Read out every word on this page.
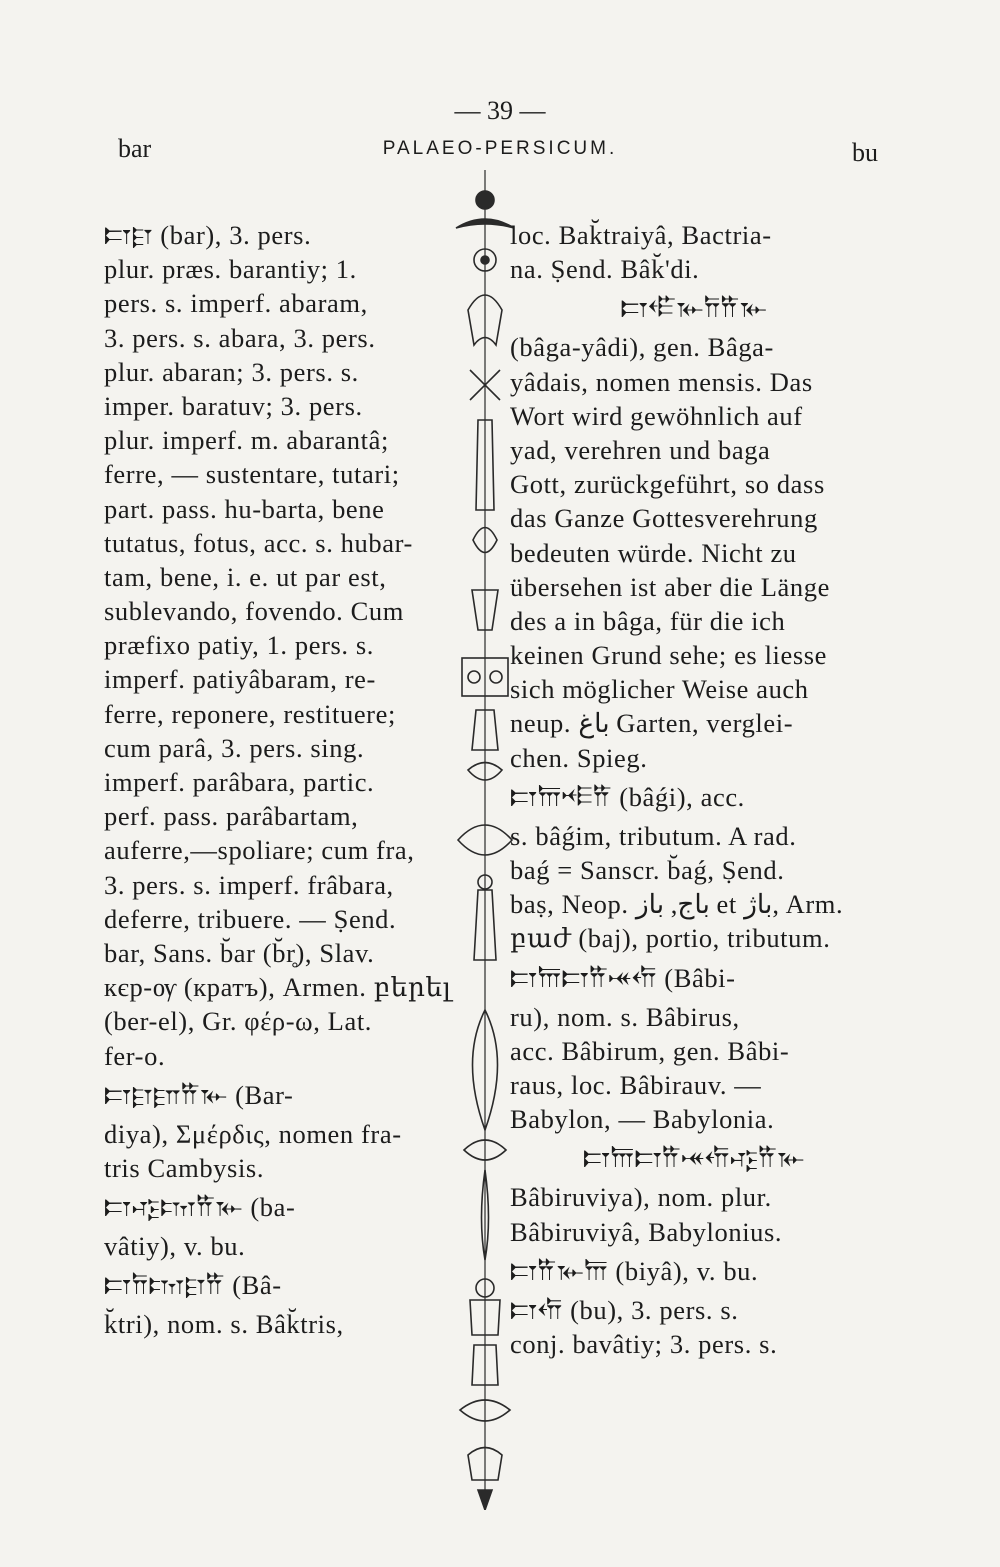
— 39 —
bar	PALAEO-PERSICUM.	bu
𐎲𐎼 (bar), 3. pers.
plur. præs. barantiy; 1.
pers. s. imperf. abaram,
3. pers. s. abara, 3. pers.
plur. abaran; 3. pers. s.
imper. baratuv; 3. pers.
plur. imperf. m. abarantâ;
ferre, — sustentare, tutari;
part. pass. hu-barta, bene
tutatus, fotus, acc. s. hubar-
tam, bene, i. e. ut par est,
sublevando, fovendo. Cum
præfixo patiy, 1. pers. s.
imperf. patiyâbaram, re-
ferre, reponere, restituere;
cum parâ, 3. pers. sing.
imperf. parâbara, partic.
perf. pass. parâbartam,
auferre,—spoliare; cum fra,
3. pers. s. imperf. frâbara,
deferre, tribuere. — Ṣend.
bar, Sans. b̆ar (b̆r̥), Slav.
кєр-ѹ (кратъ), Armen. բերել
(ber-el), Gr. φέρ-ω, Lat.
fer-o.
𐎲𐎼𐎮𐎡𐎹 (Bar-
diya), Σμέρδις, nomen fra-
tris Cambysis.
𐎲𐎺𐎫𐎡𐎹 (ba-
vâtiy), v. bu.
𐎲𐎭𐎫𐎼𐎡 (Bâ-
k̆tri), nom. s. Bâk̆tris,
loc. Bak̆traiyâ, Bactria-
na. Ṣend. Bâk̆'di.
𐎲𐎦𐎹𐎭𐎡𐎹
(bâga-yâdi), gen. Bâga-
yâdais, nomen mensis. Das
Wort wird gewöhnlich auf
yad, verehren und baga
Gott, zurückgeführt, so dass
das Ganze Gottesverehrung
bedeuten würde. Nicht zu
übersehen ist aber die Länge
des a in bâga, für die ich
keinen Grund sehe; es liesse
sich möglicher Weise auch
neup. باغ Garten, verglei-
chen. Spieg.
𐎲𐎠𐎪𐎡 (bâǵi), acc.
s. bâǵim, tributum. A rad.
baǵ = Sanscr. b̆aǵ, Ṣend.
baṣ, Neop. باج, باز et باژ, Arm.
բաժ (baj), portio, tributum.
𐎲𐎠𐎲𐎡𐎽𐎢 (Bâbi-
ru), nom. s. Bâbirus,
acc. Bâbirum, gen. Bâbi-
raus, loc. Bâbirauv. —
Babylon, — Babylonia.
𐎲𐎠𐎲𐎡𐎽𐎢𐎺𐎡𐎹
Bâbiruviya), nom. plur.
Bâbiruviyâ, Babylonius.
𐎲𐎡𐎹𐎠 (biyâ), v. bu.
𐎲𐎢 (bu), 3. pers. s.
conj. bavâtiy; 3. pers. s.
